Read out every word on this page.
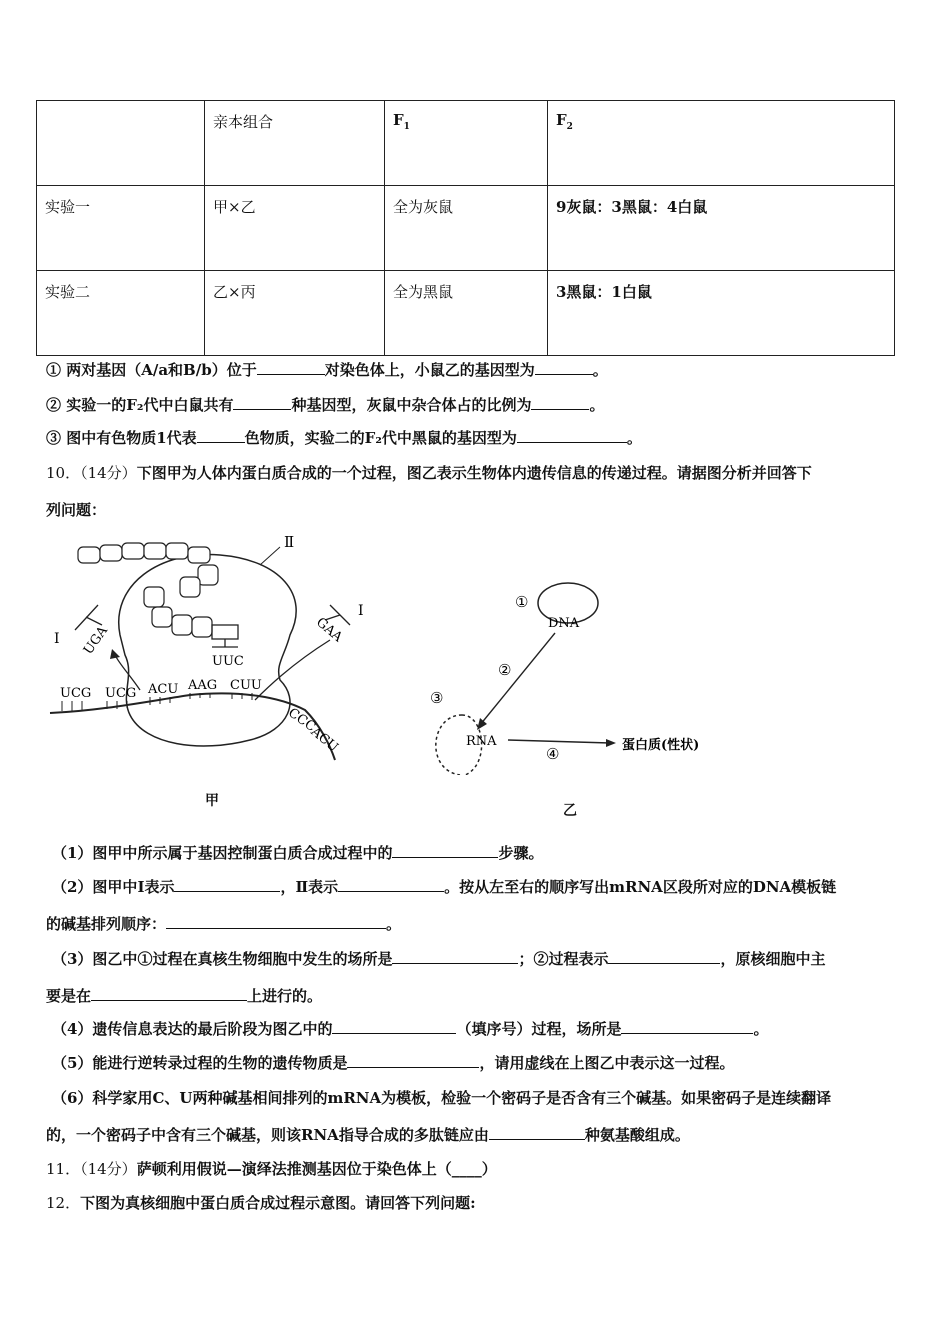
	亲本组合	$F_1$	$F_2$
实验一	甲×乙	全为灰鼠	9灰鼠：3黑鼠：4白鼠
实验二	乙×丙	全为黑鼠	3黑鼠：1白鼠
① 两对基因（A/a和B/b）位于	对染色体上，小鼠乙的基因型为	。
② 实验一的F₂代中白鼠共有	种基因型，灰鼠中杂合体占的比例为	。
③ 图中有色物质1代表	色物质，实验二的F₂代中黑鼠的基因型为	。
10．（14分）下图甲为人体内蛋白质合成的一个过程，图乙表示生物体内遗传信息的传递过程。请据图分析并回答下
列问题：
UUC
GAA
Ⅰ
UGA
Ⅰ
Ⅱ
UCG UCG ACU AAG CUU
CCC
ACU
甲
DNA
①
②
③
RNA
④	蛋白质(性状)
乙
（1）图甲中所示属于基因控制蛋白质合成过程中的	步骤。
（2）图甲中Ⅰ表示	，Ⅱ表示	。按从左至右的顺序写出mRNA区段所对应的DNA模板链
的碱基排列顺序：	。
（3）图乙中①过程在真核生物细胞中发生的场所是	；②过程表示	，原核细胞中主
要是在	上进行的。
（4）遗传信息表达的最后阶段为图乙中的	（填序号）过程，场所是	。
（5）能进行逆转录过程的生物的遗传物质是	，请用虚线在上图乙中表示这一过程。
（6）科学家用C、U两种碱基相间排列的mRNA为模板，检验一个密码子是否含有三个碱基。如果密码子是连续翻译
的，一个密码子中含有三个碱基，则该RNA指导合成的多肽链应由	种氨基酸组成。
11．（14分）萨顿利用假说—演绎法推测基因位于染色体上（____）
12．下图为真核细胞中蛋白质合成过程示意图。请回答下列问题:
